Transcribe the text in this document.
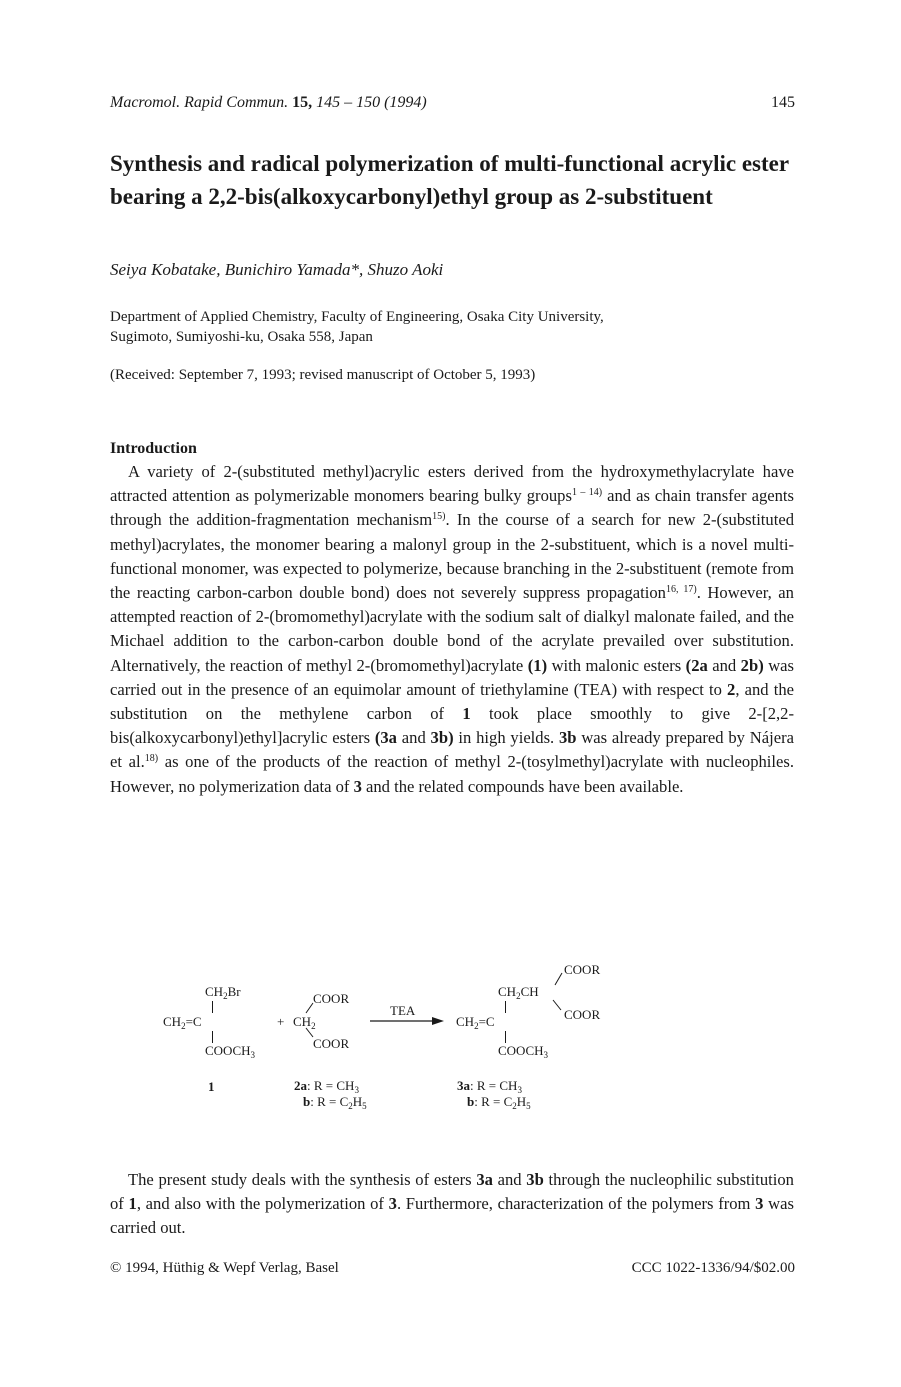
Macromol. Rapid Commun. 15, 145 – 150 (1994)	145
Synthesis and radical polymerization of multi-functional acrylic ester bearing a 2,2-bis(alkoxycarbonyl)ethyl group as 2-substituent
Seiya Kobatake, Bunichiro Yamada*, Shuzo Aoki
Department of Applied Chemistry, Faculty of Engineering, Osaka City University,
Sugimoto, Sumiyoshi-ku, Osaka 558, Japan
(Received: September 7, 1993; revised manuscript of October 5, 1993)
Introduction

A variety of 2-(substituted methyl)acrylic esters derived from the hydroxymethylacrylate have attracted attention as polymerizable monomers bearing bulky groups$^{1 - 14)}$ and as chain transfer agents through the addition-fragmentation mechanism$^{15)}$. In the course of a search for new 2-(substituted methyl)acrylates, the monomer bearing a malonyl group in the 2-substituent, which is a novel multi-functional monomer, was expected to polymerize, because branching in the 2-substituent (remote from the reacting carbon-carbon double bond) does not severely suppress propagation$^{16, 17)}$. However, an attempted reaction of 2-(bromomethyl)acrylate with the sodium salt of dialkyl malonate failed, and the Michael addition to the carbon-carbon double bond of the acrylate prevailed over substitution. Alternatively, the reaction of methyl 2-(bromomethyl)acrylate (1) with malonic esters (2a and 2b) was carried out in the presence of an equimolar amount of triethylamine (TEA) with respect to 2, and the substitution on the methylene carbon of 1 took place smoothly to give 2-[2,2-bis(alkoxycarbonyl)ethyl]acrylic esters (3a and 3b) in high yields. 3b was already prepared by Nájera et al.$^{18)}$ as one of the products of the reaction of methyl 2-(tosylmethyl)acrylate with nucleophiles. However, no polymerization data of 3 and the related compounds have been available.

$CH_2Br$
$CH_2=C$
$COOCH_3$
1
+
COOR
$CH_2$
COOR
2a: $R = CH_3$
b: $R = C_2H_5$
TEA
COOR
$CH_2CH$
COOR
$CH_2=C$
$COOCH_3$
3a: $R = CH_3$
b: $R = C_2H_5$

The present study deals with the synthesis of esters 3a and 3b through the nucleophilic substitution of 1, and also with the polymerization of 3. Furthermore, characterization of the polymers from 3 was carried out.

© 1994, Hüthig & Wepf Verlag, Basel	CCC 1022-1336/94/$02.00
